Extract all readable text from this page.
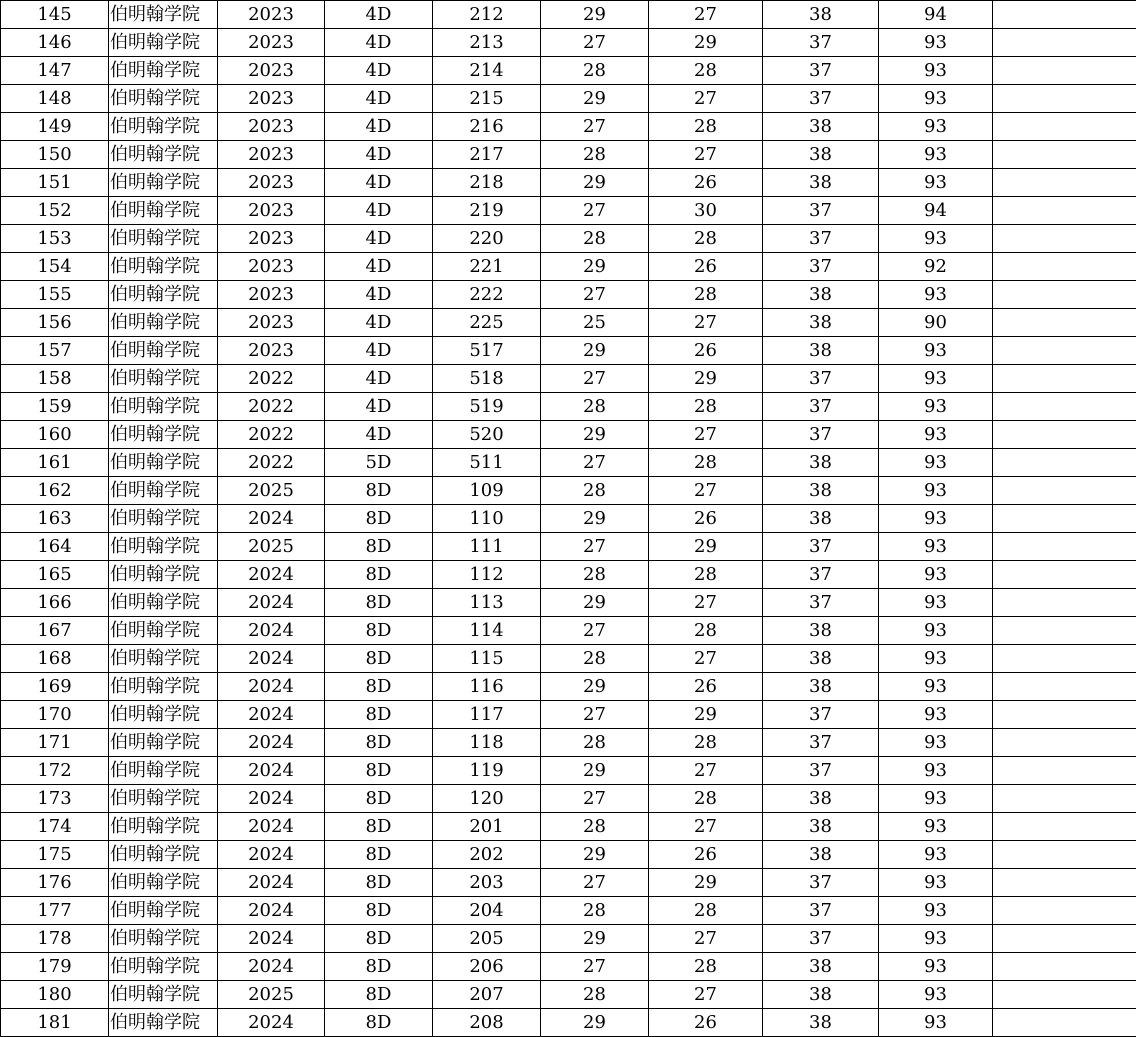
145	伯明翰学院	2023	4D	212	29	27	38	94	
146	伯明翰学院	2023	4D	213	27	29	37	93	
147	伯明翰学院	2023	4D	214	28	28	37	93	
148	伯明翰学院	2023	4D	215	29	27	37	93	
149	伯明翰学院	2023	4D	216	27	28	38	93	
150	伯明翰学院	2023	4D	217	28	27	38	93	
151	伯明翰学院	2023	4D	218	29	26	38	93	
152	伯明翰学院	2023	4D	219	27	30	37	94	
153	伯明翰学院	2023	4D	220	28	28	37	93	
154	伯明翰学院	2023	4D	221	29	26	37	92	
155	伯明翰学院	2023	4D	222	27	28	38	93	
156	伯明翰学院	2023	4D	225	25	27	38	90	
157	伯明翰学院	2023	4D	517	29	26	38	93	
158	伯明翰学院	2022	4D	518	27	29	37	93	
159	伯明翰学院	2022	4D	519	28	28	37	93	
160	伯明翰学院	2022	4D	520	29	27	37	93	
161	伯明翰学院	2022	5D	511	27	28	38	93	
162	伯明翰学院	2025	8D	109	28	27	38	93	
163	伯明翰学院	2024	8D	110	29	26	38	93	
164	伯明翰学院	2025	8D	111	27	29	37	93	
165	伯明翰学院	2024	8D	112	28	28	37	93	
166	伯明翰学院	2024	8D	113	29	27	37	93	
167	伯明翰学院	2024	8D	114	27	28	38	93	
168	伯明翰学院	2024	8D	115	28	27	38	93	
169	伯明翰学院	2024	8D	116	29	26	38	93	
170	伯明翰学院	2024	8D	117	27	29	37	93	
171	伯明翰学院	2024	8D	118	28	28	37	93	
172	伯明翰学院	2024	8D	119	29	27	37	93	
173	伯明翰学院	2024	8D	120	27	28	38	93	
174	伯明翰学院	2024	8D	201	28	27	38	93	
175	伯明翰学院	2024	8D	202	29	26	38	93	
176	伯明翰学院	2024	8D	203	27	29	37	93	
177	伯明翰学院	2024	8D	204	28	28	37	93	
178	伯明翰学院	2024	8D	205	29	27	37	93	
179	伯明翰学院	2024	8D	206	27	28	38	93	
180	伯明翰学院	2025	8D	207	28	27	38	93	
181	伯明翰学院	2024	8D	208	29	26	38	93	
